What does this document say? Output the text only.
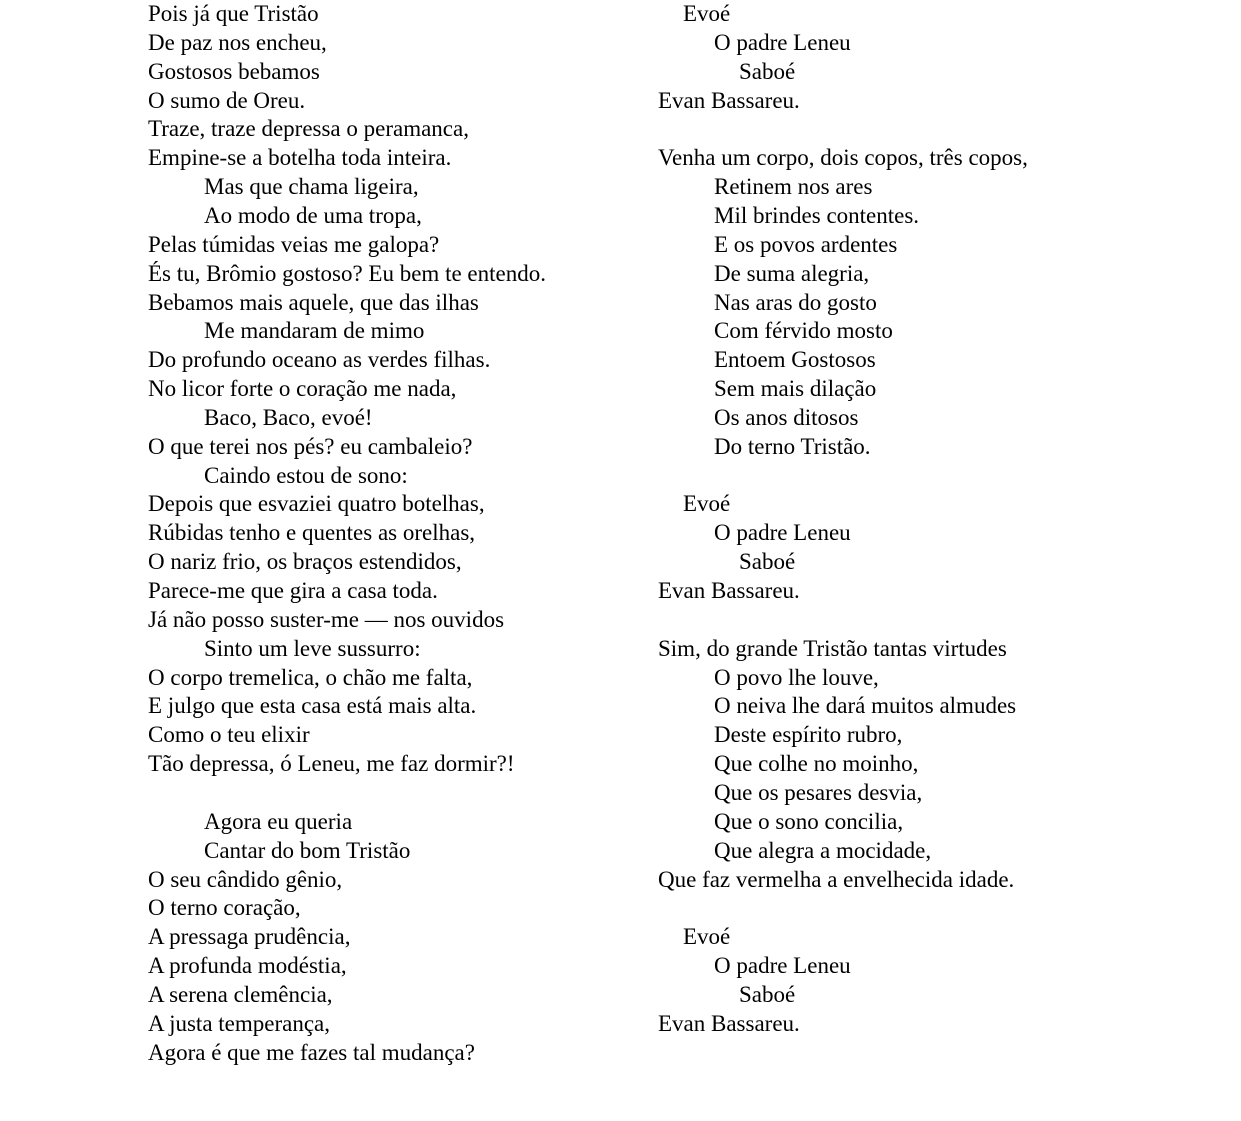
Pois já que Tristão
De paz nos encheu,
Gostosos bebamos
O sumo de Oreu.
Traze, traze depressa o peramanca,
Empine-se a botelha toda inteira.
Mas que chama ligeira,
Ao modo de uma tropa,
Pelas túmidas veias me galopa?
És tu, Brômio gostoso? Eu bem te entendo.
Bebamos mais aquele, que das ilhas
Me mandaram de mimo
Do profundo oceano as verdes filhas.
No licor forte o coração me nada,
Baco, Baco, evoé!
O que terei nos pés? eu cambaleio?
Caindo estou de sono:
Depois que esvaziei quatro botelhas,
Rúbidas tenho e quentes as orelhas,
O nariz frio, os braços estendidos,
Parece-me que gira a casa toda.
Já não posso suster-me — nos ouvidos
Sinto um leve sussurro:
O corpo tremelica, o chão me falta,
E julgo que esta casa está mais alta.
Como o teu elixir
Tão depressa, ó Leneu, me faz dormir?!
Agora eu queria
Cantar do bom Tristão
O seu cândido gênio,
O terno coração,
A pressaga prudência,
A profunda modéstia,
A serena clemência,
A justa temperança,
Agora é que me fazes tal mudança?
Evoé
O padre Leneu
Saboé
Evan Bassareu.
Venha um corpo, dois copos, três copos,
Retinem nos ares
Mil brindes contentes.
E os povos ardentes
De suma alegria,
Nas aras do gosto
Com férvido mosto
Entoem Gostosos
Sem mais dilação
Os anos ditosos
Do terno Tristão.
Evoé
O padre Leneu
Saboé
Evan Bassareu.
Sim, do grande Tristão tantas virtudes
O povo lhe louve,
O neiva lhe dará muitos almudes
Deste espírito rubro,
Que colhe no moinho,
Que os pesares desvia,
Que o sono concilia,
Que alegra a mocidade,
Que faz vermelha a envelhecida idade.
Evoé
O padre Leneu
Saboé
Evan Bassareu.
